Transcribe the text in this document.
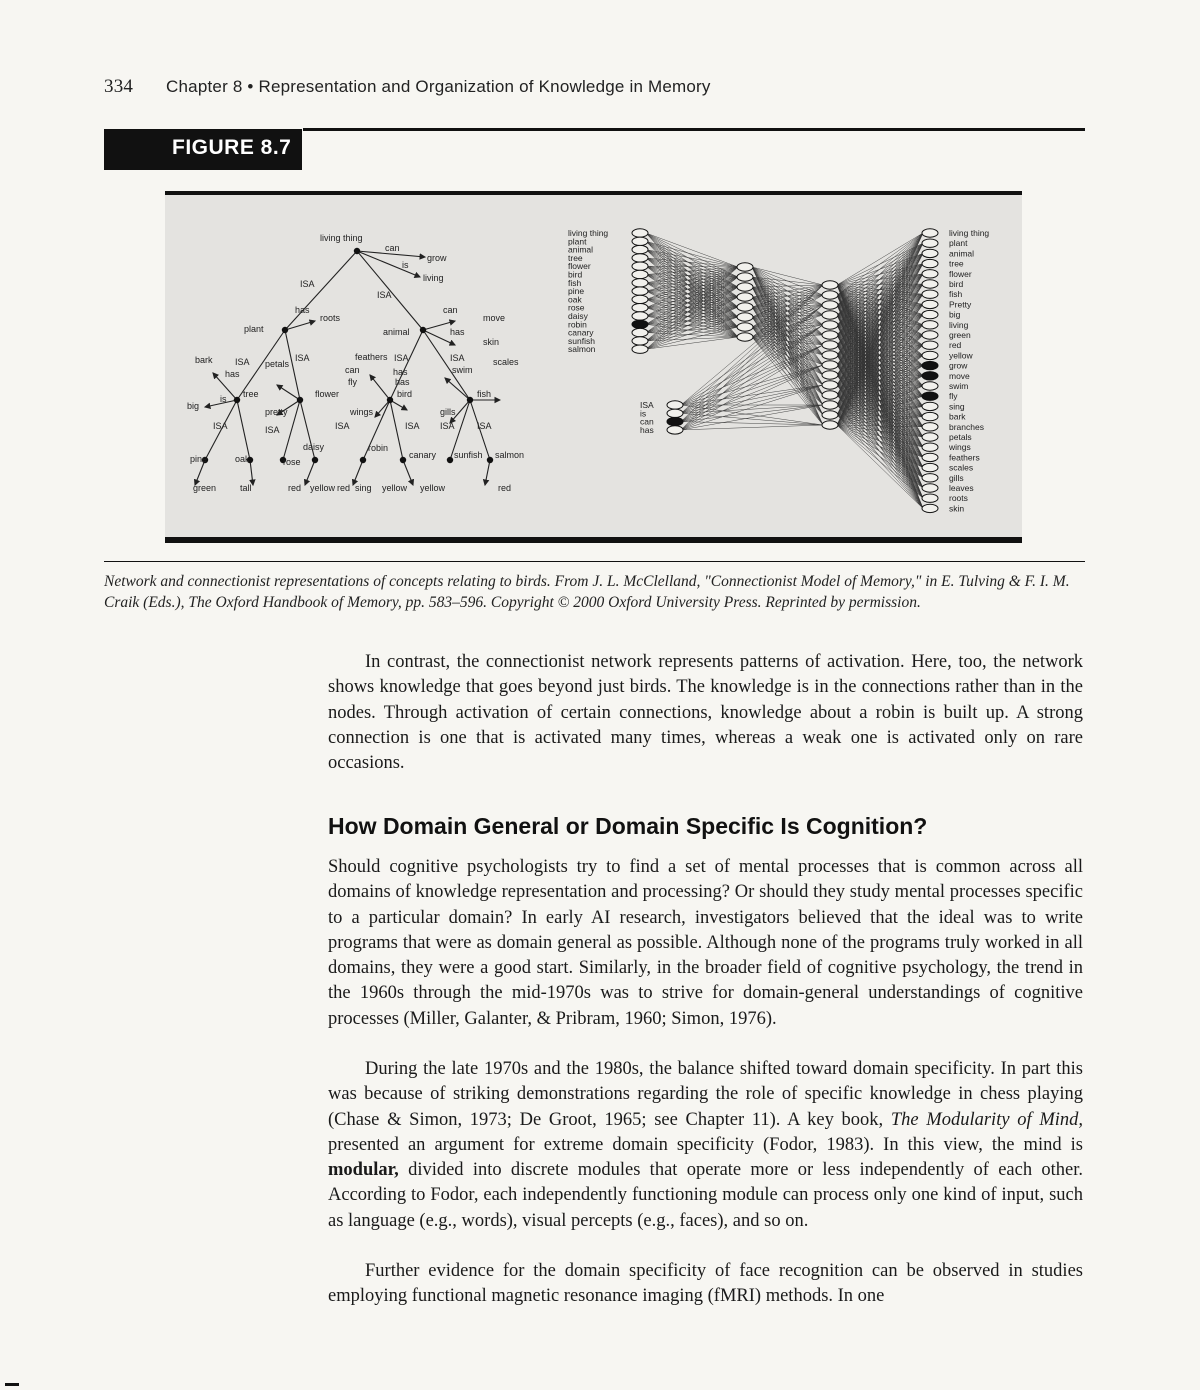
334 Chapter 8 • Representation and Organization of Knowledge in Memory
FIGURE 8.7
living thing
can
is
grow
living
ISA
ISA
plant	animal
bark
big
tree	flower
pretty
bird	fish
wings	gills
fly
swim
feathers
petals
roots	move
skin
scales
pine	oak
daisy
rose
robin
canary sunfish salmon
green	tall	red yellow red sing yellow yellow	red
has	can
has
is
has
has
can
has
ISA
ISA	ISA	ISA	ISA
ISA	ISA	ISA ISA ISA
living thing
plant
animal
tree
flower
bird
fish
pine
oak
rose
daisy
robin
canary
sunfish
salmon
ISA
is
can
has
living thing
plant
animal
tree
flower
bird
fish
Pretty
big
living
green
red
yellow
grow
move
swim
fly
sing
bark
branches
petals
wings
feathers
scales
gills
leaves
roots
skin
Network and connectionist representations of concepts relating to birds. From J. L. McClelland, "Connectionist Model of Memory," in E. Tulving & F. I. M. Craik (Eds.), The Oxford Handbook of Memory, pp. 583–596. Copyright © 2000 Oxford University Press. Reprinted by permission.

In contrast, the connectionist network represents patterns of activation. Here, too, the network shows knowledge that goes beyond just birds. The knowledge is in the connections rather than in the nodes. Through activation of certain connections, knowledge about a robin is built up. A strong connection is one that is activated many times, whereas a weak one is activated only on rare occasions.

How Domain General or Domain Specific Is Cognition?

Should cognitive psychologists try to find a set of mental processes that is common across all domains of knowledge representation and processing? Or should they study mental processes specific to a particular domain? In early AI research, investigators believed that the ideal was to write programs that were as domain general as possible. Although none of the programs truly worked in all domains, they were a good start. Similarly, in the broader field of cognitive psychology, the trend in the 1960s through the mid-1970s was to strive for domain-general understandings of cognitive processes (Miller, Galanter, & Pribram, 1960; Simon, 1976).

During the late 1970s and the 1980s, the balance shifted toward domain specificity. In part this was because of striking demonstrations regarding the role of specific knowledge in chess playing (Chase & Simon, 1973; De Groot, 1965; see Chapter 11). A key book, The Modularity of Mind, presented an argument for extreme domain specificity (Fodor, 1983). In this view, the mind is modular, divided into discrete modules that operate more or less independently of each other. According to Fodor, each independently functioning module can process only one kind of input, such as language (e.g., words), visual percepts (e.g., faces), and so on.

Further evidence for the domain specificity of face recognition can be observed in studies employing functional magnetic resonance imaging (fMRI) methods. In one
